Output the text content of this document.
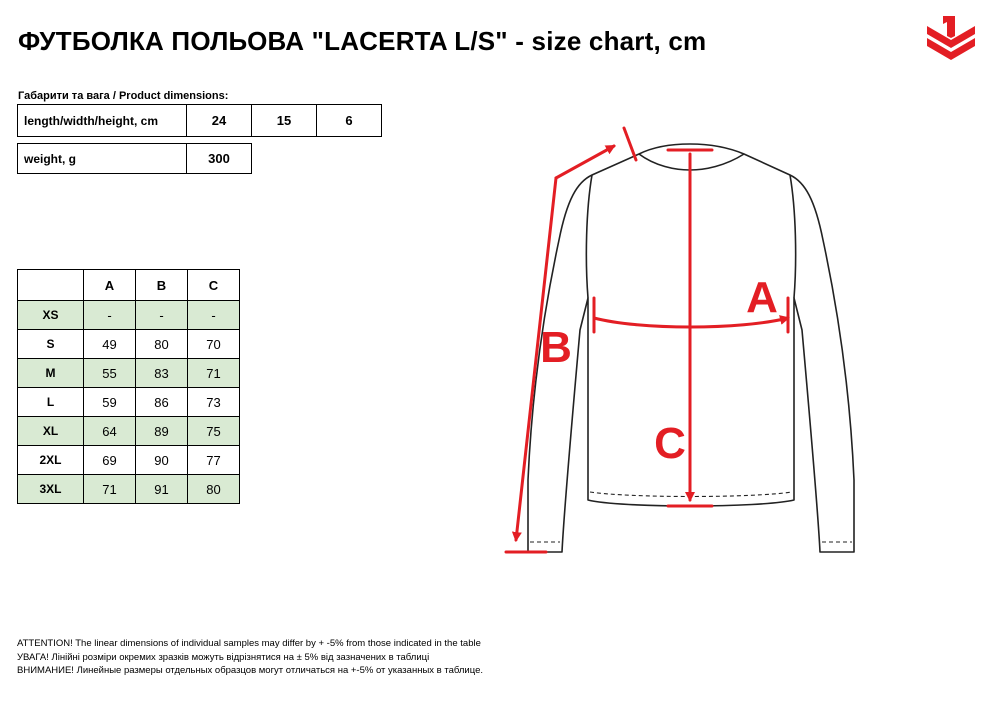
ФУТБОЛКА ПОЛЬОВА "LACERTA L/S" - size chart, cm
Габарити та вага / Product dimensions:
length/width/height, cm	24	15	6
weight, g	300
	A	B	C
XS	-	-	-
S	49	80	70
M	55	83	71
L	59	86	73
XL	64	89	75
2XL	69	90	77
3XL	71	91	80
A
B
C
ATTENTION! The linear dimensions of individual samples may differ by + -5% from those indicated in the table
УВАГА! Лінійні розміри окремих зразків можуть відрізнятися на ± 5% від зазначених в таблиці
ВНИМАНИЕ! Линейные размеры отдельных образцов могут отличаться на +-5% от указанных в таблице.
